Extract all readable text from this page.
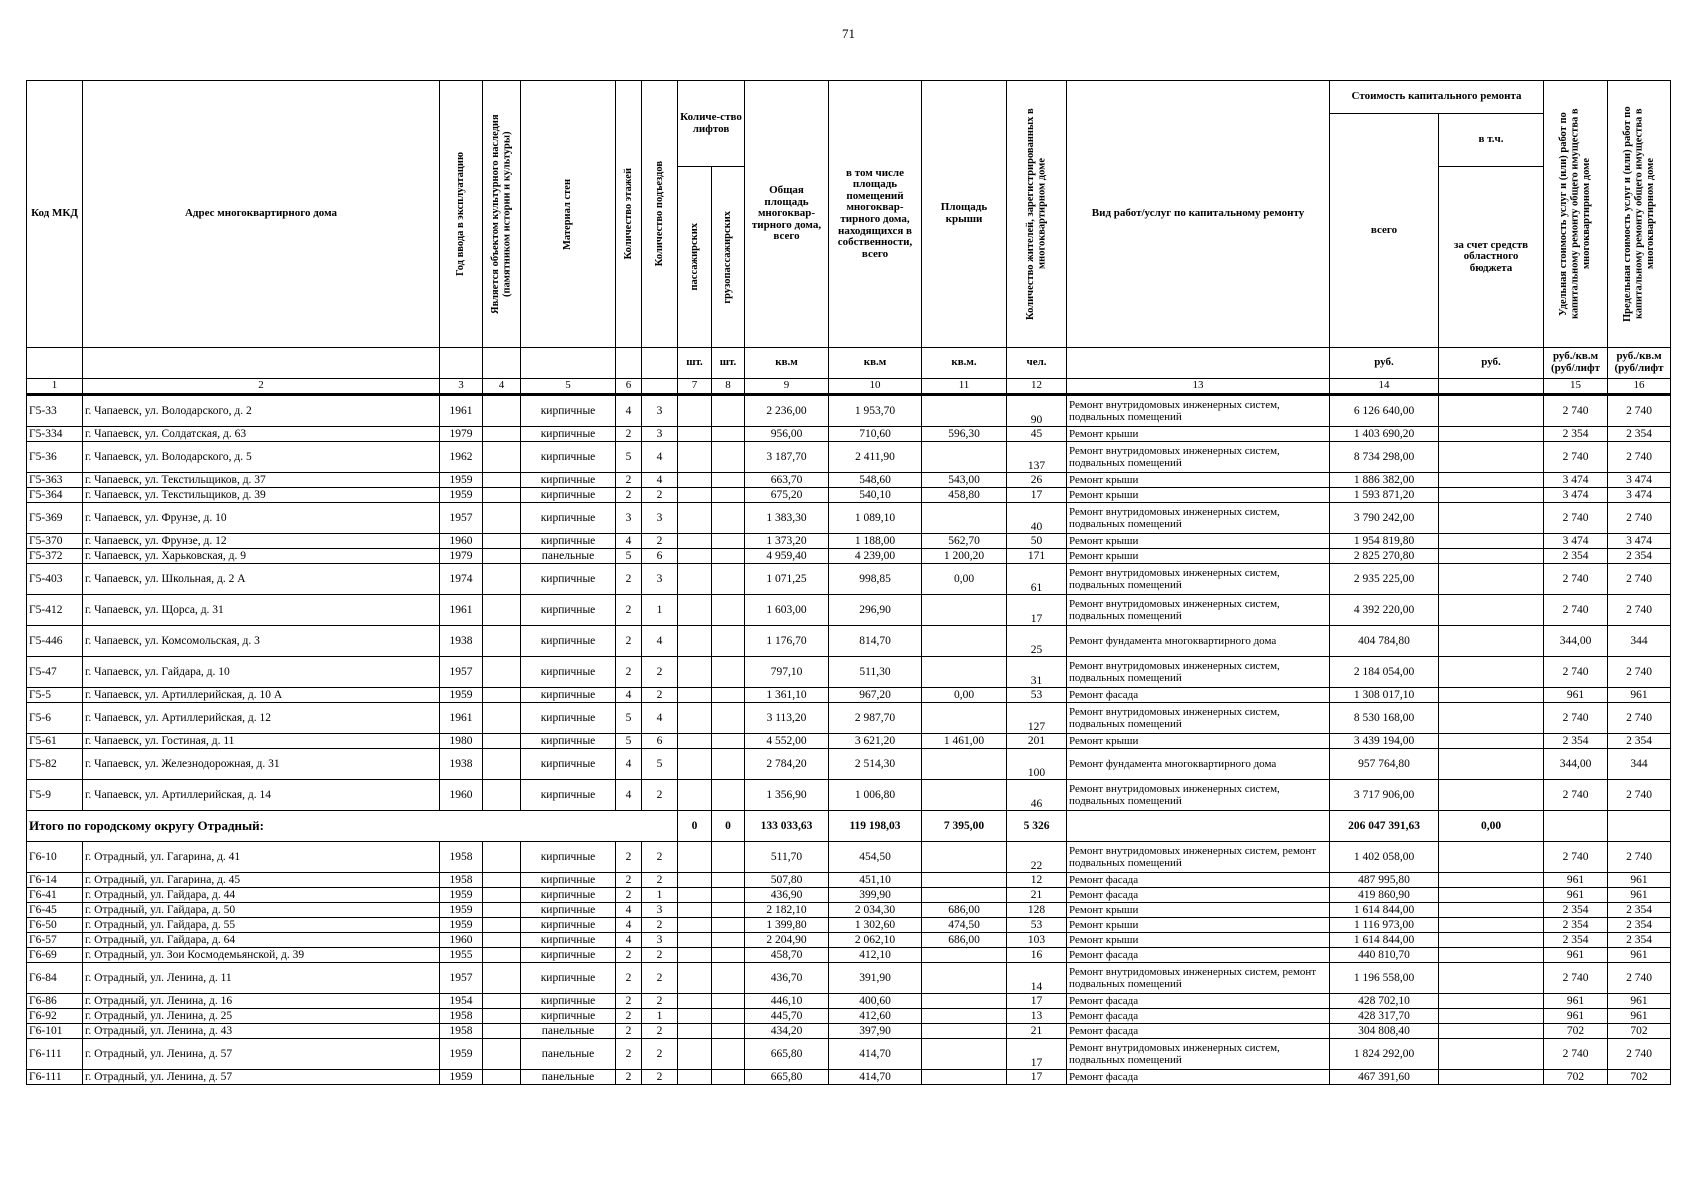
71
Код МКД	Адрес многоквартирного дома	Год ввода в эксплуатацию	Является объектом культурного наследия (памятником истории и культуры)	Материал стен	Количество этажей	Количество подъездов	Количе-ство лифтов		Общая площадь многоквар-тирного дома, всего	в том числе площадь помещений многоквар-тирного дома, находящихся в собственности, всего	Площадь крыши	Количество жителей, зарегистрированных в многоквартирном доме	Вид работ/услуг по капитальному ремонту	Стоимость капитального ремонта		Удельная стоимость услуг и (или) работ по капитальному ремонту общего имущества в многоквартирном доме	Предельная стоимость услуг и (или) работ по капитальному ремонту общего имущества в многоквартирном доме

														всего	в т.ч.		

							пассажирских	грузопассажирских							за счет средств областного бюджета		
							шт.	шт.	кв.м	кв.м	кв.м.	чел.		руб.	руб.	руб./кв.м (руб/лифт	руб./кв.м (руб/лифт
1	2	3	4	5	6		7	8	9	10	11	12	13	14		15	16
Г5-33	г. Чапаевск, ул. Володарского, д. 2	1961		кирпичные	4	3			2 236,00	1 953,70		90	Ремонт внутридомовых инженерных систем, подвальных помещений	6 126 640,00		2 740	2 740
Г5-334	г. Чапаевск, ул. Солдатская, д. 63	1979		кирпичные	2	3			956,00	710,60	596,30	45	Ремонт крыши	1 403 690,20		2 354	2 354
Г5-36	г. Чапаевск, ул. Володарского, д. 5	1962		кирпичные	5	4			3 187,70	2 411,90		137	Ремонт внутридомовых инженерных систем, подвальных помещений	8 734 298,00		2 740	2 740
Г5-363	г. Чапаевск, ул. Текстильщиков, д. 37	1959		кирпичные	2	4			663,70	548,60	543,00	26	Ремонт крыши	1 886 382,00		3 474	3 474
Г5-364	г. Чапаевск, ул. Текстильщиков, д. 39	1959		кирпичные	2	2			675,20	540,10	458,80	17	Ремонт крыши	1 593 871,20		3 474	3 474
Г5-369	г. Чапаевск, ул. Фрунзе, д. 10	1957		кирпичные	3	3			1 383,30	1 089,10		40	Ремонт внутридомовых инженерных систем, подвальных помещений	3 790 242,00		2 740	2 740
Г5-370	г. Чапаевск, ул. Фрунзе, д. 12	1960		кирпичные	4	2			1 373,20	1 188,00	562,70	50	Ремонт крыши	1 954 819,80		3 474	3 474
Г5-372	г. Чапаевск, ул. Харьковская, д. 9	1979		панельные	5	6			4 959,40	4 239,00	1 200,20	171	Ремонт крыши	2 825 270,80		2 354	2 354
Г5-403	г. Чапаевск, ул. Школьная, д. 2 А	1974		кирпичные	2	3			1 071,25	998,85	0,00	61	Ремонт внутридомовых инженерных систем, подвальных помещений	2 935 225,00		2 740	2 740
Г5-412	г. Чапаевск, ул. Щорса, д. 31	1961		кирпичные	2	1			1 603,00	296,90		17	Ремонт внутридомовых инженерных систем, подвальных помещений	4 392 220,00		2 740	2 740
Г5-446	г. Чапаевск, ул. Комсомольская, д. 3	1938		кирпичные	2	4			1 176,70	814,70		25	Ремонт фундамента многоквартирного дома	404 784,80		344,00	344
Г5-47	г. Чапаевск, ул. Гайдара, д. 10	1957		кирпичные	2	2			797,10	511,30		31	Ремонт внутридомовых инженерных систем, подвальных помещений	2 184 054,00		2 740	2 740
Г5-5	г. Чапаевск, ул. Артиллерийская, д. 10 А	1959		кирпичные	4	2			1 361,10	967,20	0,00	53	Ремонт фасада	1 308 017,10		961	961
Г5-6	г. Чапаевск, ул. Артиллерийская, д. 12	1961		кирпичные	5	4			3 113,20	2 987,70		127	Ремонт внутридомовых инженерных систем, подвальных помещений	8 530 168,00		2 740	2 740
Г5-61	г. Чапаевск, ул. Гостиная, д. 11	1980		кирпичные	5	6			4 552,00	3 621,20	1 461,00	201	Ремонт крыши	3 439 194,00		2 354	2 354
Г5-82	г. Чапаевск, ул. Железнодорожная, д. 31	1938		кирпичные	4	5			2 784,20	2 514,30		100	Ремонт фундамента многоквартирного дома	957 764,80		344,00	344
Г5-9	г. Чапаевск, ул. Артиллерийская, д. 14	1960		кирпичные	4	2			1 356,90	1 006,80		46	Ремонт внутридомовых инженерных систем, подвальных помещений	3 717 906,00		2 740	2 740
Итого по городскому округу Отрадный:							0	0	133 033,63	119 198,03	7 395,00	5 326		206 047 391,63	0,00		
Г6-10	г. Отрадный, ул. Гагарина, д. 41	1958		кирпичные	2	2			511,70	454,50		22	Ремонт внутридомовых инженерных систем, ремонт подвальных помещений	1 402 058,00		2 740	2 740
Г6-14	г. Отрадный, ул. Гагарина, д. 45	1958		кирпичные	2	2			507,80	451,10		12	Ремонт фасада	487 995,80		961	961
Г6-41	г. Отрадный, ул. Гайдара, д. 44	1959		кирпичные	2	1			436,90	399,90		21	Ремонт фасада	419 860,90		961	961
Г6-45	г. Отрадный, ул. Гайдара, д. 50	1959		кирпичные	4	3			2 182,10	2 034,30	686,00	128	Ремонт крыши	1 614 844,00		2 354	2 354
Г6-50	г. Отрадный, ул. Гайдара, д. 55	1959		кирпичные	4	2			1 399,80	1 302,60	474,50	53	Ремонт крыши	1 116 973,00		2 354	2 354
Г6-57	г. Отрадный, ул. Гайдара, д. 64	1960		кирпичные	4	3			2 204,90	2 062,10	686,00	103	Ремонт крыши	1 614 844,00		2 354	2 354
Г6-69	г. Отрадный, ул. Зои Космодемьянской, д. 39	1955		кирпичные	2	2			458,70	412,10		16	Ремонт фасада	440 810,70		961	961
Г6-84	г. Отрадный, ул. Ленина, д. 11	1957		кирпичные	2	2			436,70	391,90		14	Ремонт внутридомовых инженерных систем, ремонт подвальных помещений	1 196 558,00		2 740	2 740
Г6-86	г. Отрадный, ул. Ленина, д. 16	1954		кирпичные	2	2			446,10	400,60		17	Ремонт фасада	428 702,10		961	961
Г6-92	г. Отрадный, ул. Ленина, д. 25	1958		кирпичные	2	1			445,70	412,60		13	Ремонт фасада	428 317,70		961	961
Г6-101	г. Отрадный, ул. Ленина, д. 43	1958		панельные	2	2			434,20	397,90		21	Ремонт фасада	304 808,40		702	702
Г6-111	г. Отрадный, ул. Ленина, д. 57	1959		панельные	2	2			665,80	414,70		17	Ремонт внутридомовых инженерных систем, подвальных помещений	1 824 292,00		2 740	2 740
Г6-111	г. Отрадный, ул. Ленина, д. 57	1959		панельные	2	2			665,80	414,70		17	Ремонт фасада	467 391,60		702	702
